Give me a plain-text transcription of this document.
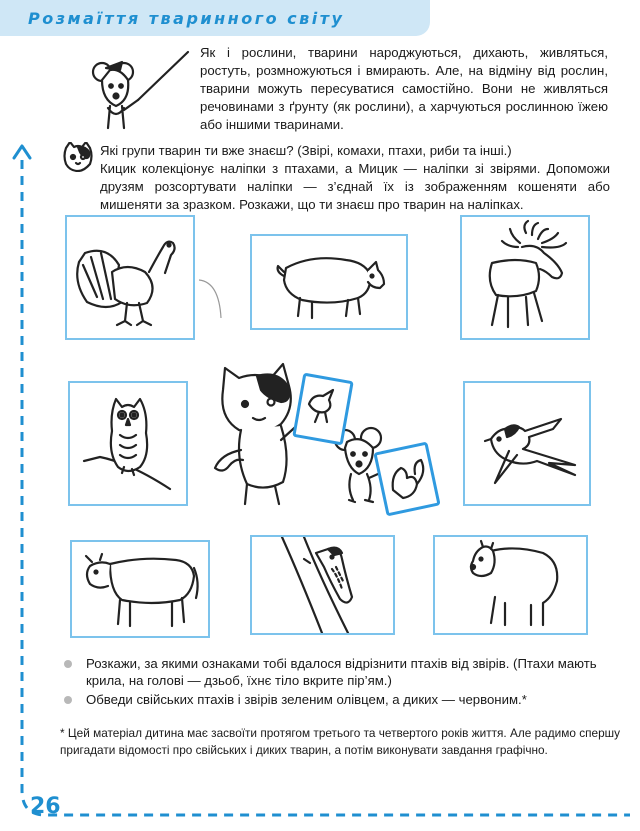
Розмаїття тваринного світу

Як і рослини, тварини народжуються, дихають, живляться, ростуть, розмножуються і вмирають. Але, на відміну від рослин, тварини можуть пересуватися самостійно. Вони не живляться речовинами з ґрунту (як рослини), а харчуються рослинною їжею або іншими тваринами.

Які групи тварин ти вже знаєш? (Звірі, комахи, птахи, риби та інші.)
Кицик колекціонує наліпки з птахами, а Мицик — наліпки зі звірями. Допоможи друзям розсортувати наліпки — з’єднай їх із зображенням кошеняти або мишеняти за зразком. Розкажи, що ти знаєш про тварин на наліпках.
Розкажи, за якими ознаками тобі вдалося відрізнити птахів від звірів. (Птахи мають крила, на голові — дзьоб, їхнє тіло вкрите пір’ям.)
Обведи свійських птахів і звірів зеленим олівцем, а диких — червоним.*

* Цей матеріал дитина має засвоїти протягом третього та четвертого років життя. Але радимо спершу пригадати відомості про свійських і диких тварин, а потім виконувати завдання графічно.

26
